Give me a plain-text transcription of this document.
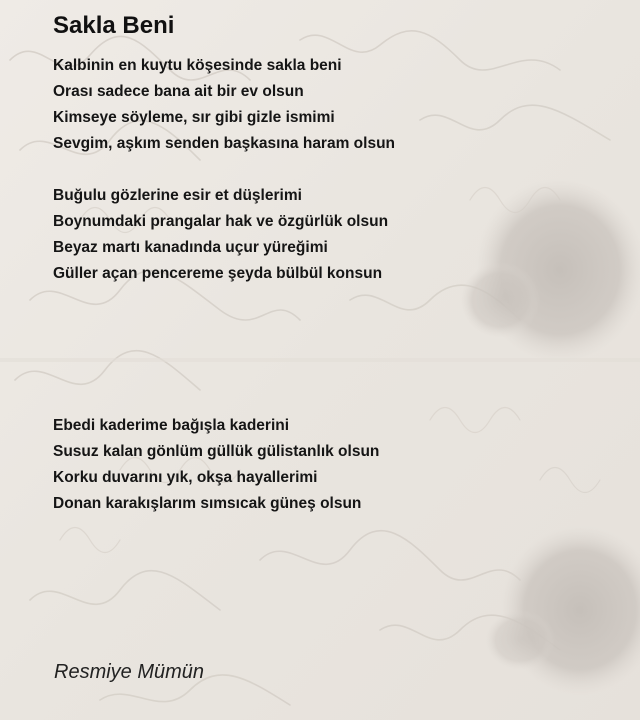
Sakla Beni
Kalbinin en kuytu köşesinde sakla beni
Orası sadece bana ait bir ev olsun
Kimseye söyleme, sır gibi gizle ismimi
Sevgim, aşkım senden başkasına haram olsun
Buğulu gözlerine esir et düşlerimi
Boynumdaki prangalar hak ve özgürlük olsun
Beyaz martı kanadında uçur yüreğimi
Güller açan pencereme şeyda bülbül konsun
Ebedi kaderime bağışla kaderini
Susuz kalan gönlüm güllük gülistanlık olsun
Korku duvarını yık, okşa hayallerimi
Donan karakışlarım sımsıcak güneş olsun
Resmiye Mümün
